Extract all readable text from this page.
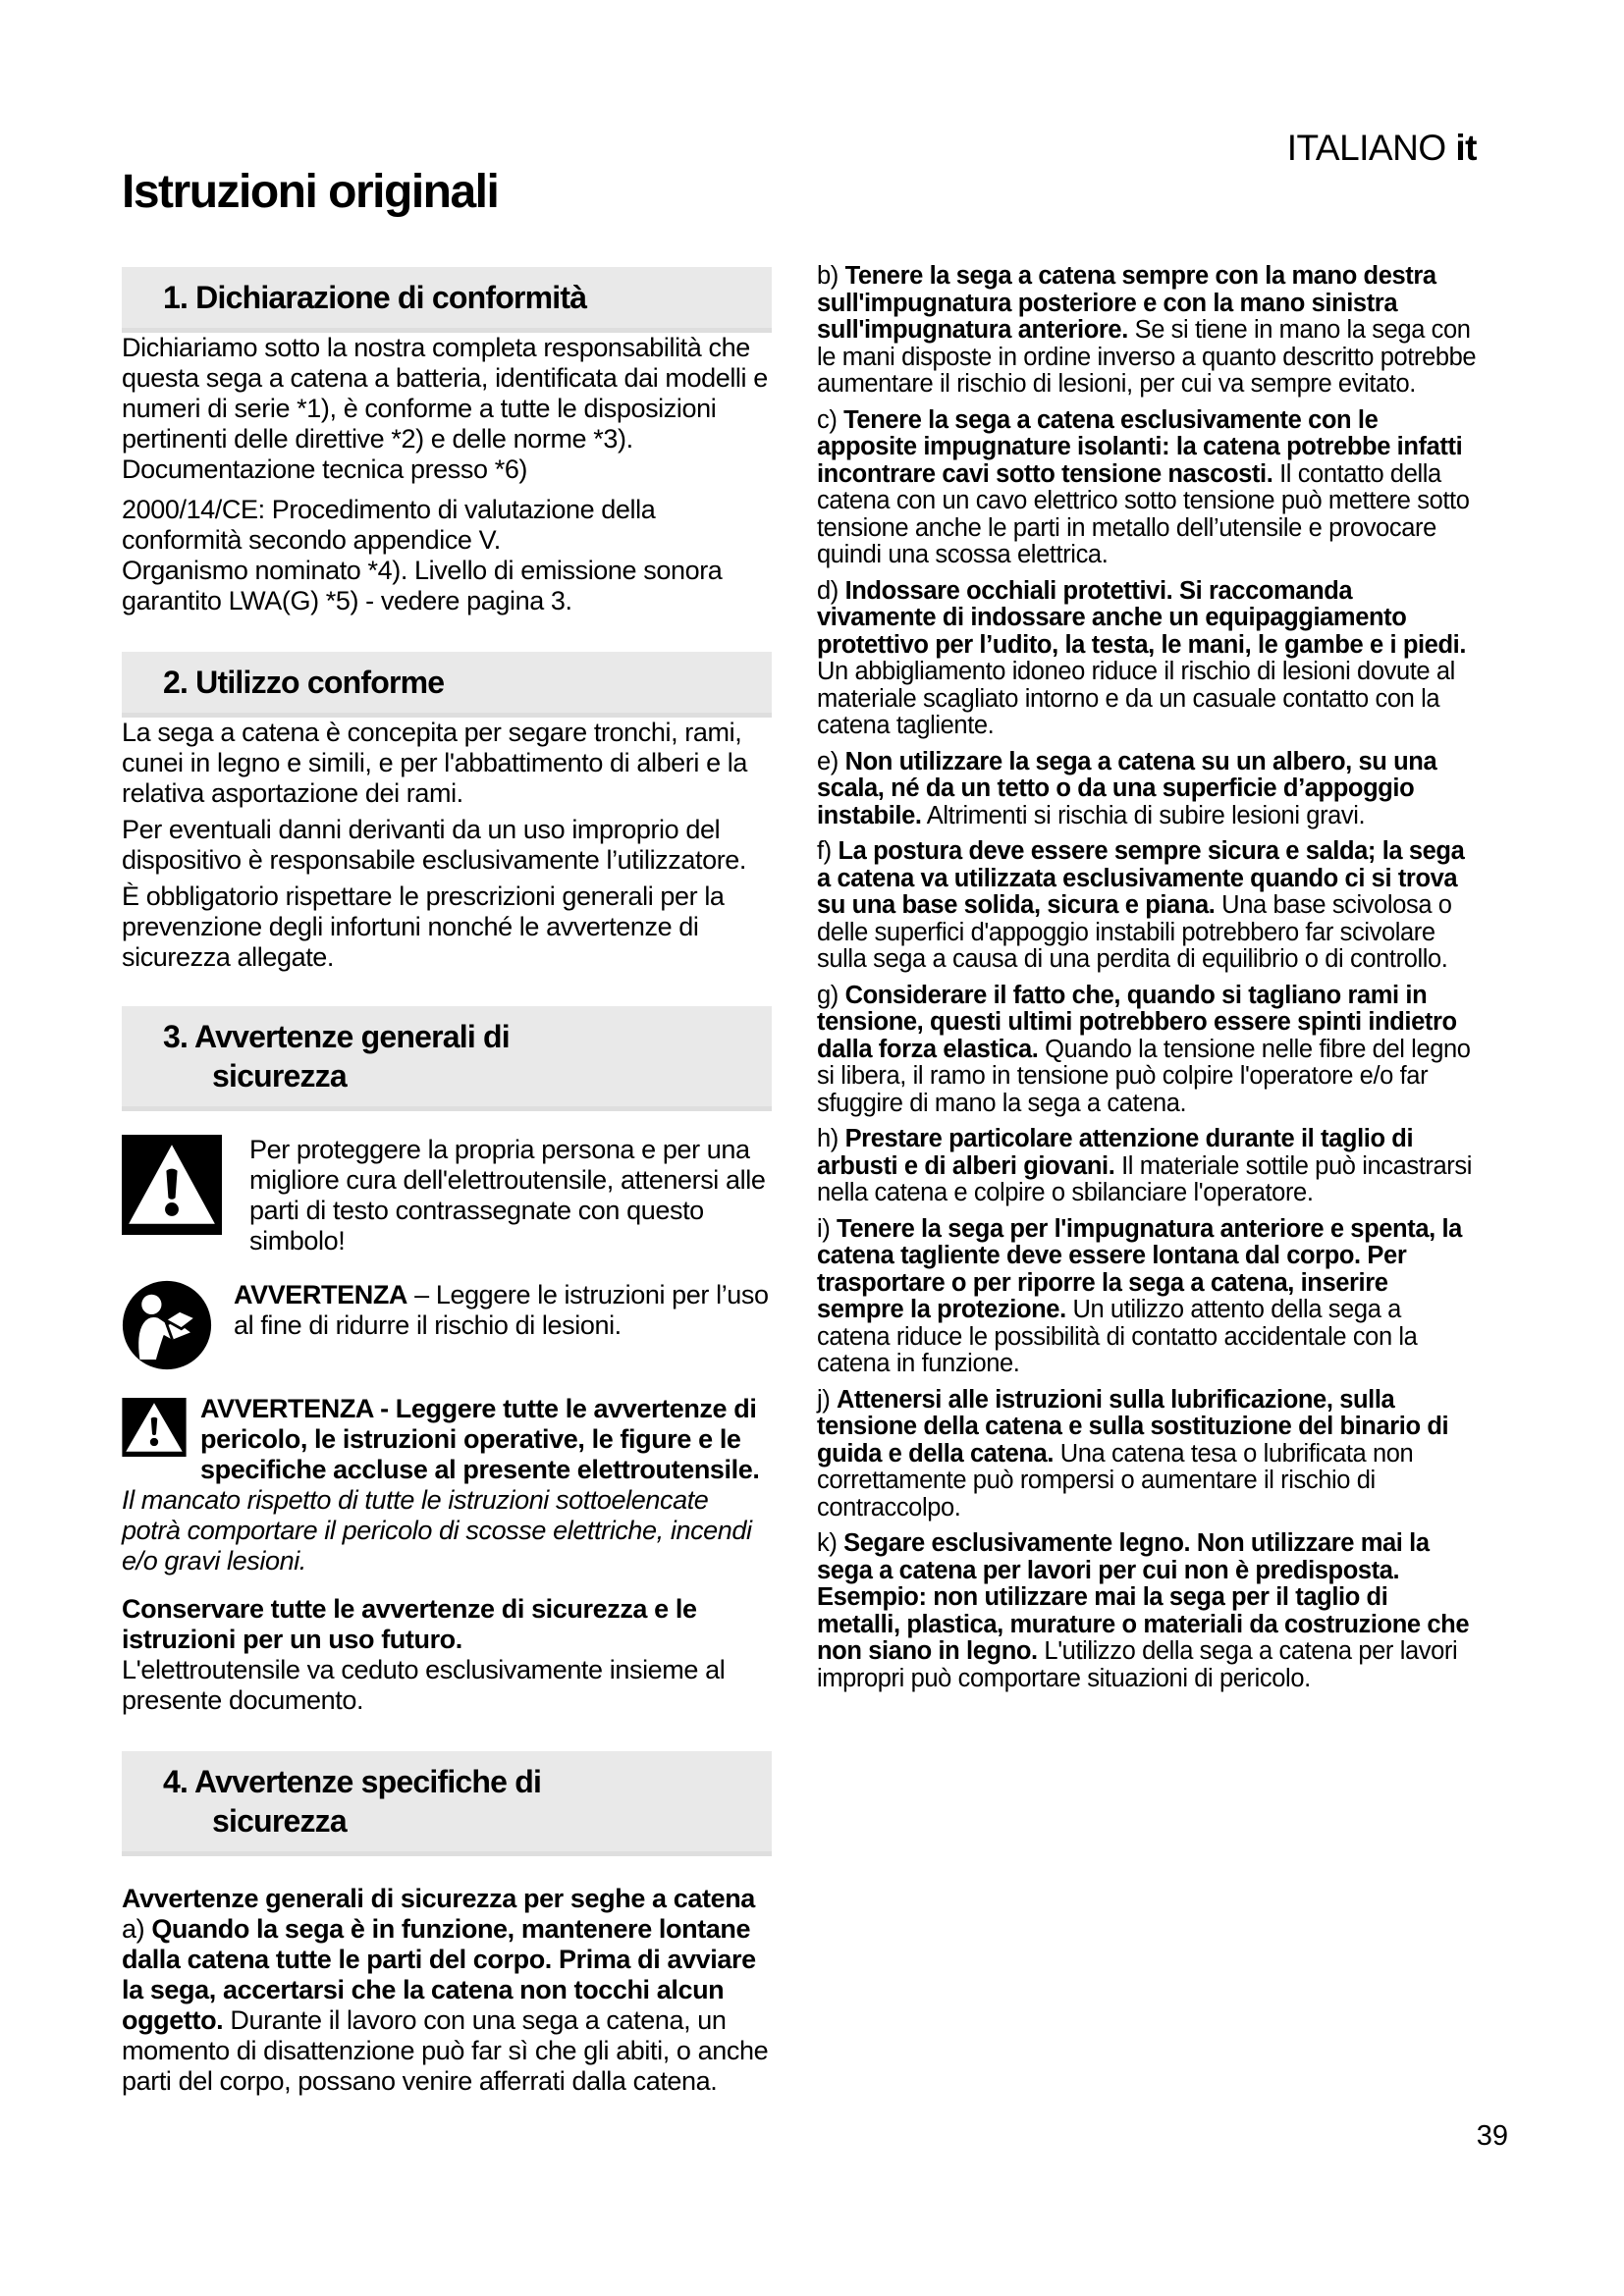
ITALIANO it
Istruzioni originali
1. Dichiarazione di conformità
Dichiariamo sotto la nostra completa responsabilità che questa sega a catena a batteria, identificata dai modelli e numeri di serie *1), è conforme a tutte le disposizioni pertinenti delle direttive *2) e delle norme *3). Documentazione tecnica presso *6)
2000/14/CE: Procedimento di valutazione della conformità secondo appendice V.
Organismo nominato *4). Livello di emissione sonora garantito LWA(G) *5) - vedere pagina 3.
2. Utilizzo conforme
La sega a catena è concepita per segare tronchi, rami, cunei in legno e simili, e per l'abbattimento di alberi e la relativa asportazione dei rami.
Per eventuali danni derivanti da un uso improprio del dispositivo è responsabile esclusivamente l’utilizzatore.
È obbligatorio rispettare le prescrizioni generali per la prevenzione degli infortuni nonché le avvertenze di sicurezza allegate.
3. Avvertenze generali di
sicurezza
Per proteggere la propria persona e per una migliore cura dell'elettroutensile, attenersi alle parti di testo contrassegnate con questo simbolo!
AVVERTENZA – Leggere le istruzioni per l’uso al fine di ridurre il rischio di lesioni.
AVVERTENZA - Leggere tutte le avvertenze di pericolo, le istruzioni operative, le figure e le specifiche accluse al presente elettroutensile. Il mancato rispetto di tutte le istruzioni sottoelencate potrà comportare il pericolo di scosse elettriche, incendi e/o gravi lesioni.
Conservare tutte le avvertenze di sicurezza e le istruzioni per un uso futuro.
L'elettroutensile va ceduto esclusivamente insieme al presente documento.
4. Avvertenze specifiche di
sicurezza
Avvertenze generali di sicurezza per seghe a catena

a) Quando la sega è in funzione, mantenere lontane dalla catena tutte le parti del corpo. Prima di avviare la sega, accertarsi che la catena non tocchi alcun oggetto. Durante il lavoro con una sega a catena, un momento di disattenzione può far sì che gli abiti, o anche parti del corpo, possano venire afferrati dalla catena.

b) Tenere la sega a catena sempre con la mano destra sull'impugnatura posteriore e con la mano sinistra sull'impugnatura anteriore. Se si tiene in mano la sega con le mani disposte in ordine inverso a quanto descritto potrebbe aumentare il rischio di lesioni, per cui va sempre evitato.

c) Tenere la sega a catena esclusivamente con le apposite impugnature isolanti: la catena potrebbe infatti incontrare cavi sotto tensione nascosti. Il contatto della catena con un cavo elettrico sotto tensione può mettere sotto tensione anche le parti in metallo dell’utensile e provocare quindi una scossa elettrica.

d) Indossare occhiali protettivi. Si raccomanda vivamente di indossare anche un equipaggiamento protettivo per l’udito, la testa, le mani, le gambe e i piedi. Un abbigliamento idoneo riduce il rischio di lesioni dovute al materiale scagliato intorno e da un casuale contatto con la catena tagliente.

e) Non utilizzare la sega a catena su un albero, su una scala, né da un tetto o da una superficie d’appoggio instabile. Altrimenti si rischia di subire lesioni gravi.

f) La postura deve essere sempre sicura e salda; la sega a catena va utilizzata esclusivamente quando ci si trova su una base solida, sicura e piana. Una base scivolosa o delle superfici d'appoggio instabili potrebbero far scivolare sulla sega a causa di una perdita di equilibrio o di controllo.

g) Considerare il fatto che, quando si tagliano rami in tensione, questi ultimi potrebbero essere spinti indietro dalla forza elastica. Quando la tensione nelle fibre del legno si libera, il ramo in tensione può colpire l'operatore e/o far sfuggire di mano la sega a catena.

h) Prestare particolare attenzione durante il taglio di arbusti e di alberi giovani. Il materiale sottile può incastrarsi nella catena e colpire o sbilanciare l'operatore.

i) Tenere la sega per l'impugnatura anteriore e spenta, la catena tagliente deve essere lontana dal corpo. Per trasportare o per riporre la sega a catena, inserire sempre la protezione. Un utilizzo attento della sega a catena riduce le possibilità di contatto accidentale con la catena in funzione.

j) Attenersi alle istruzioni sulla lubrificazione, sulla tensione della catena e sulla sostituzione del binario di guida e della catena. Una catena tesa o lubrificata non correttamente può rompersi o aumentare il rischio di contraccolpo.

k) Segare esclusivamente legno. Non utilizzare mai la sega a catena per lavori per cui non è predisposta. Esempio: non utilizzare mai la sega per il taglio di metalli, plastica, murature o materiali da costruzione che non siano in legno. L'utilizzo della sega a catena per lavori impropri può comportare situazioni di pericolo.

39
